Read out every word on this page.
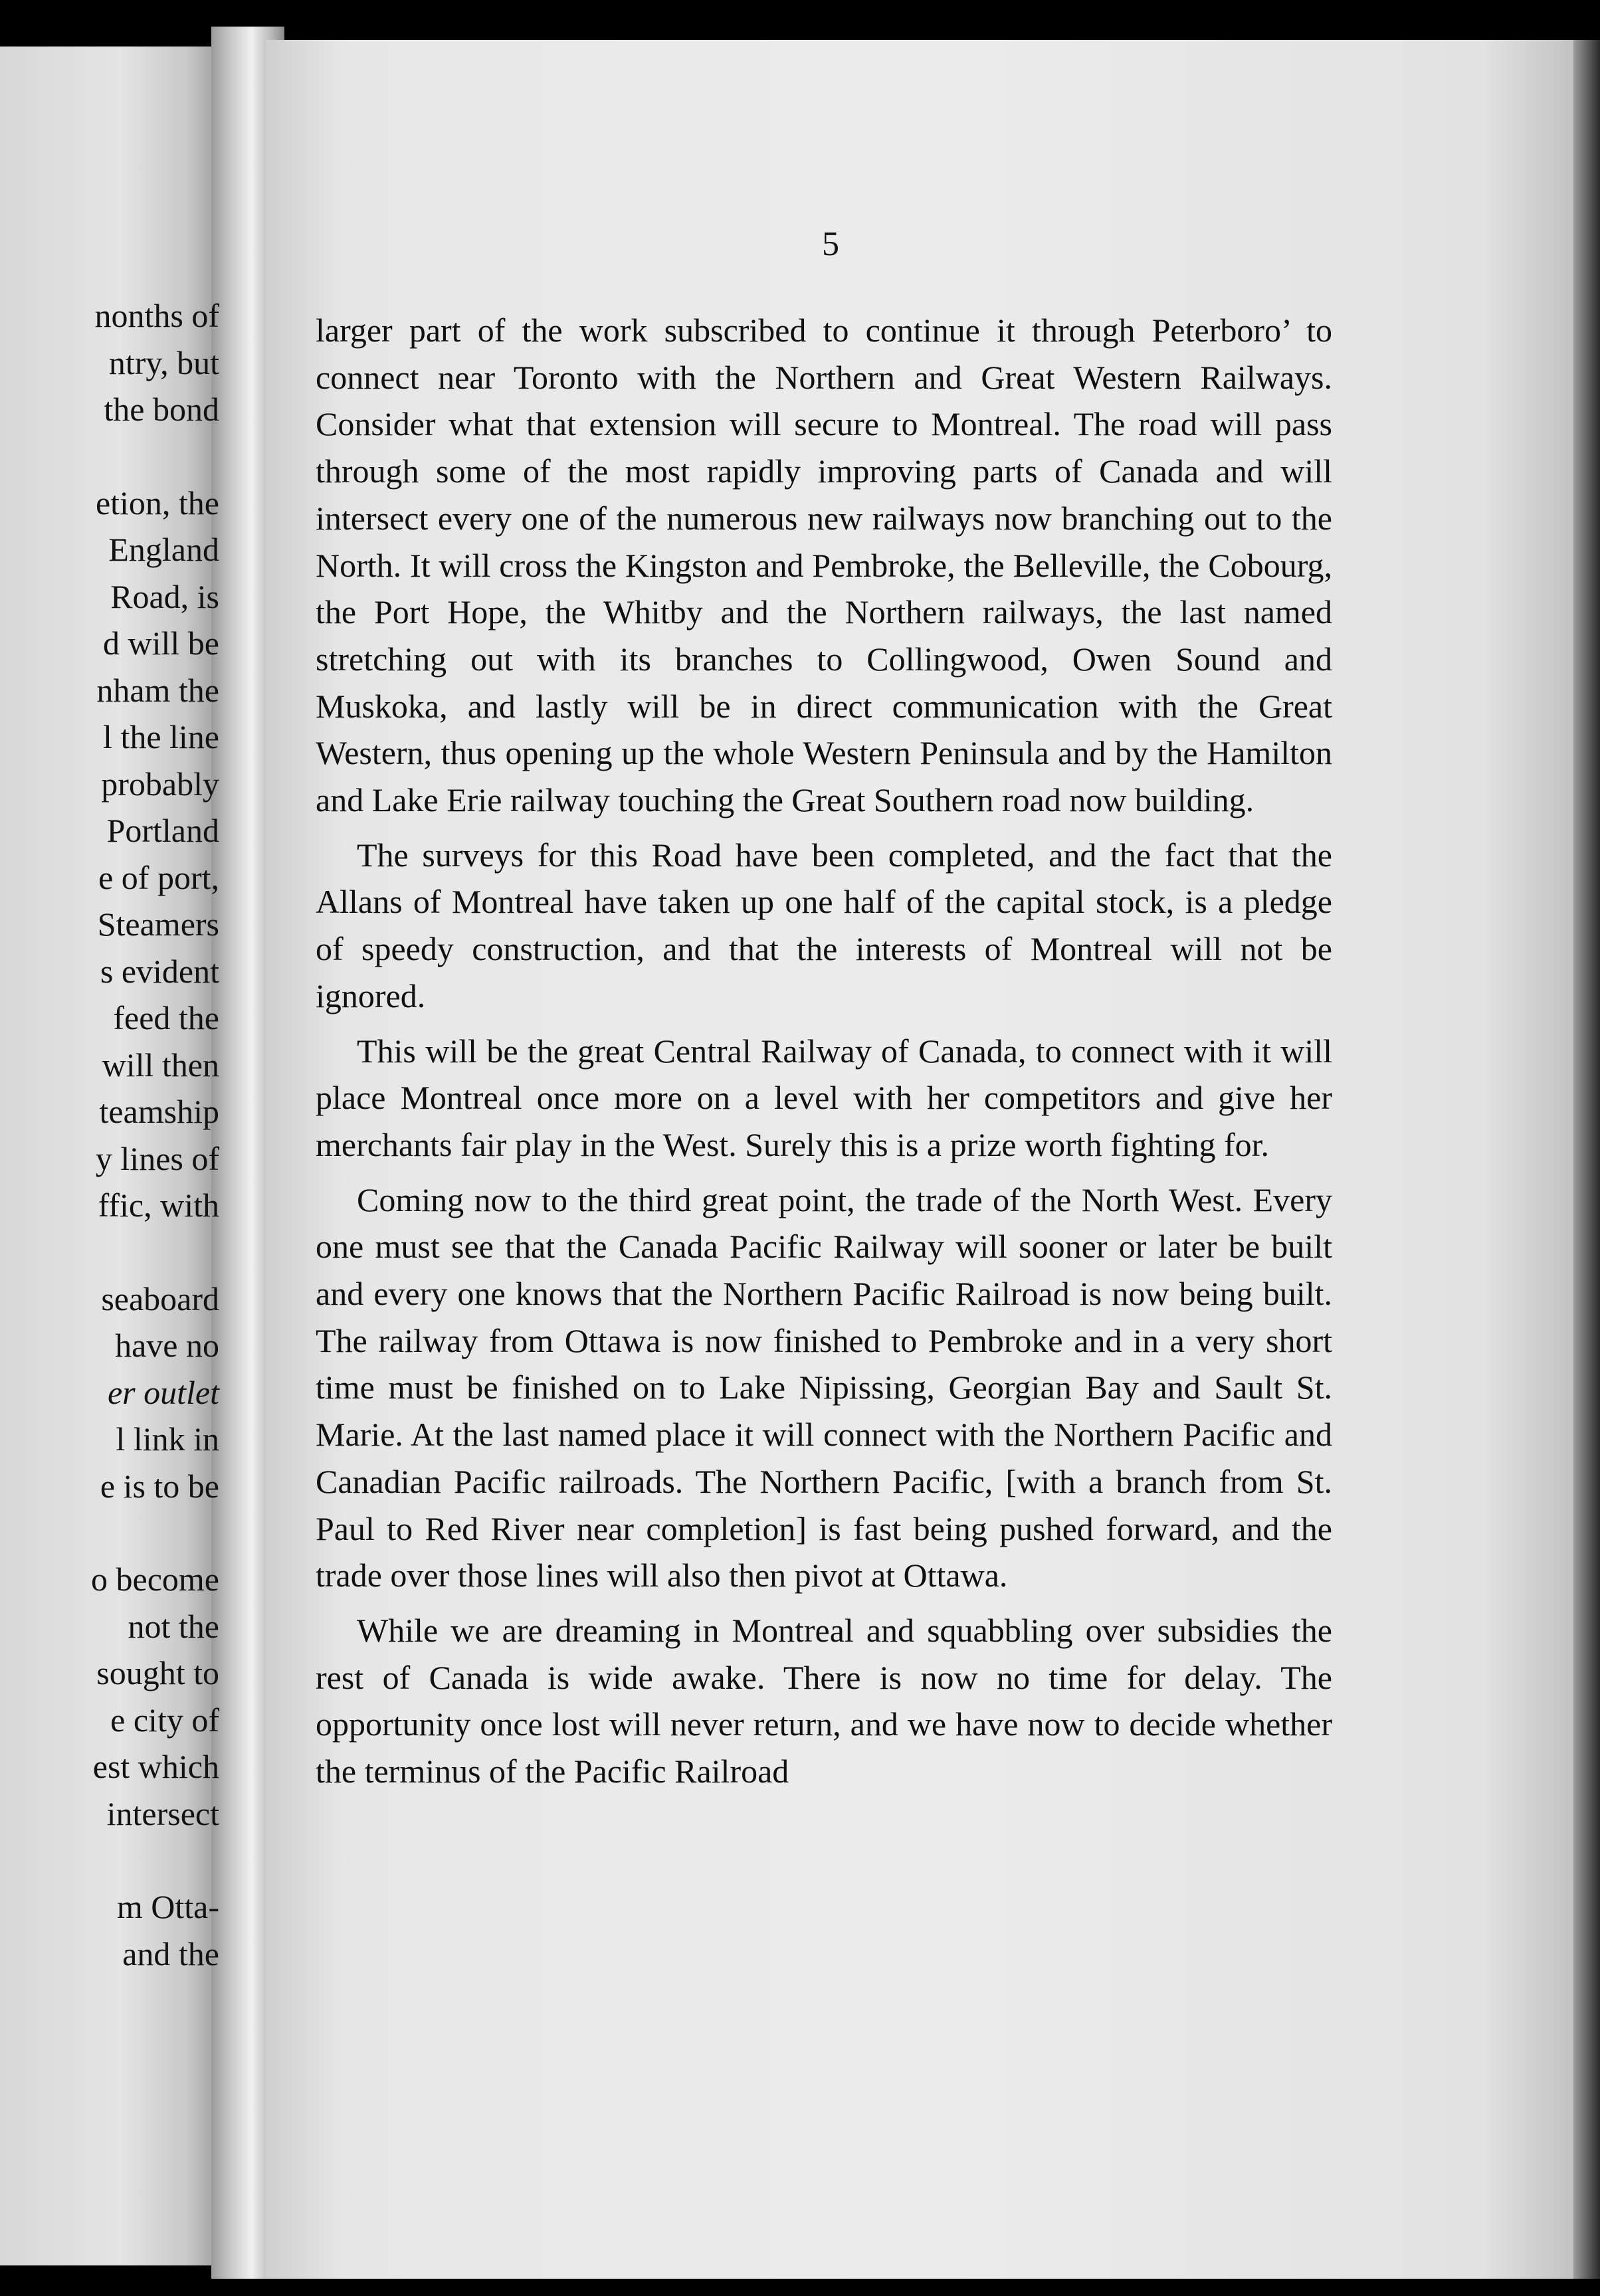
nonths of
ntry, but
the bond
etion, the
England
Road, is
d will be
nham the
l the line
probably
Portland
e of port,
Steamers
s evident
feed the
will then
teamship
y lines of
ffic, with
seaboard
have no
er outlet
l link in
e is to be
o become
not the
sought to
e city of
est which
intersect
m Otta-
and the
5

larger part of the work subscribed to continue it through Peterboro’ to connect near Toronto with the Northern and Great Western Railways. Consider what that extension will secure to Montreal. The road will pass through some of the most rapidly improving parts of Canada and will intersect every one of the numerous new railways now branching out to the North. It will cross the Kingston and Pembroke, the Belleville, the Cobourg, the Port Hope, the Whitby and the Northern railways, the last named stretching out with its branches to Collingwood, Owen Sound and Muskoka, and lastly will be in direct communication with the Great Western, thus opening up the whole Western Peninsula and by the Hamilton and Lake Erie railway touching the Great Southern road now building.

The surveys for this Road have been completed, and the fact that the Allans of Montreal have taken up one half of the capital stock, is a pledge of speedy construction, and that the interests of Montreal will not be ignored.

This will be the great Central Railway of Canada, to connect with it will place Montreal once more on a level with her competitors and give her merchants fair play in the West. Surely this is a prize worth fighting for.

Coming now to the third great point, the trade of the North West. Every one must see that the Canada Pacific Railway will sooner or later be built and every one knows that the Northern Pacific Railroad is now being built. The railway from Ottawa is now finished to Pembroke and in a very short time must be finished on to Lake Nipissing, Georgian Bay and Sault St. Marie. At the last named place it will connect with the Northern Pacific and Canadian Pacific railroads. The Northern Pacific, [with a branch from St. Paul to Red River near completion] is fast being pushed forward, and the trade over those lines will also then pivot at Ottawa.

While we are dreaming in Montreal and squabbling over subsidies the rest of Canada is wide awake. There is now no time for delay. The opportunity once lost will never return, and we have now to decide whether the terminus of the Pacific Railroad
